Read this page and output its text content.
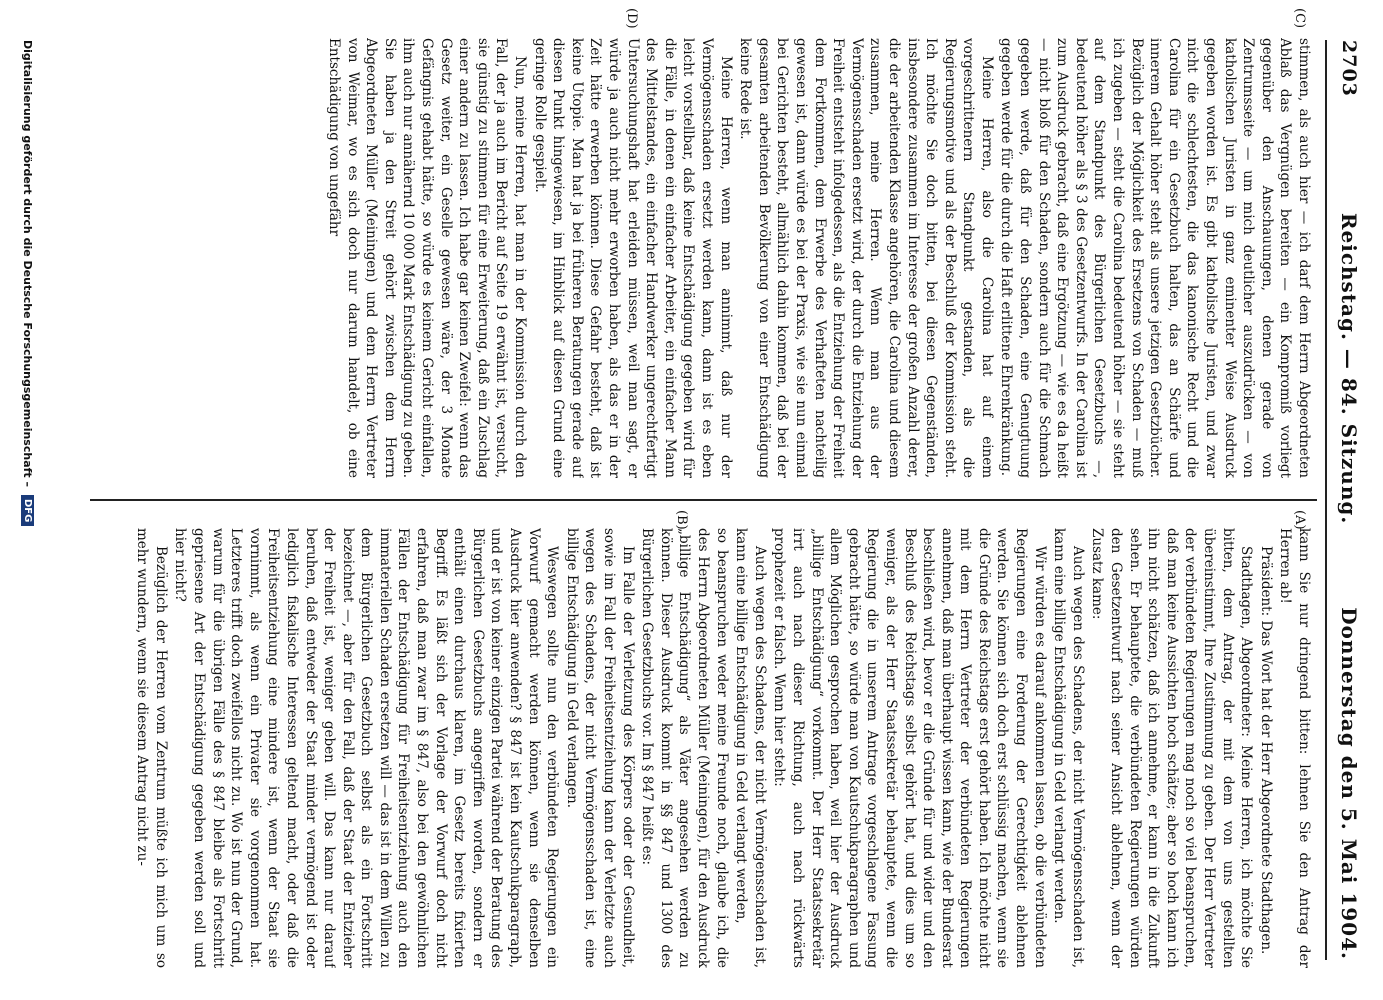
2703
Reichstag. — 84. Sitzung.
Donnerstag den 5. Mai 1904.
(C)
(D)
(A)
(B)

stimmen, als auch hier — ich darf dem Herrn Abgeordneten Ablaß das Vergnügen bereiten — ein Kompromiß vorliegt gegenüber den Anschauungen, denen gerade von Zentrumsseite — um mich deutlicher auszudrücken — von katholischen Juristen in ganz eminenter Weise Ausdruck gegeben worden ist. Es gibt katholische Juristen, und zwar nicht die schlechtesten, die das kanonische Recht und die Carolina für ein Gesetzbuch halten, das an Schärfe und innerem Gehalt höher steht als unsere jetzigen Gesetzbücher. Bezüglich der Möglichkeit des Ersetzens von Schaden — muß ich zugeben — steht die Carolina bedeutend höher — sie steht auf dem Standpunkt des Bürgerlichen Gesetzbuchs —, bedeutend höher als § 3 des Gesetzentwurfs. In der Carolina ist zum Ausdruck gebracht, daß eine Ergötzung — wie es da heißt — nicht bloß für den Schaden, sondern auch für die Schmach gegeben werde, daß für den Schaden, eine Genugtuung gegeben werde für die durch die Haft erlittene Ehrenkränkung.

Meine Herren, also die Carolina hat auf einem vorgeschrittenern Standpunkt gestanden, als die Regierungsmotive und als der Beschluß der Kommission steht. Ich möchte Sie doch bitten, bei diesen Gegenständen, insbesondere zusammen im Interesse der großen Anzahl derer, die der arbeitenden Klasse angehören, die Carolina und diesem zusammen, meine Herren. Wenn man aus der Vermögensschaden ersetzt wird, der durch die Entziehung der Freiheit entsteht infolgedessen, als die Entziehung der Freiheit dem Fortkommen, dem Erwerbe des Verhafteten nachteilig gewesen ist, dann würde es bei der Praxis, wie sie nun einmal bei Gerichten besteht, allmählich dahin kommen, daß bei der gesamten arbeitenden Bevölkerung von einer Entschädigung keine Rede ist.

Meine Herren, wenn man annimmt, daß nur der Vermögensschaden ersetzt werden kann, dann ist es eben leicht vorstellbar, daß keine Entschädigung gegeben wird für die Fälle, in denen ein einfacher Arbeiter, ein einfacher Mann des Mittelstandes, ein einfacher Handwerker ungerechtfertigt Untersuchungshaft hat erleiden müssen, weil man sagt, er würde ja auch nicht mehr erworben haben, als das er in der Zeit hätte erwerben können. Diese Gefahr besteht, daß ist keine Utopie. Man hat ja bei früheren Beratungen gerade auf diesen Punkt hingewiesen, im Hinblick auf diesen Grund eine geringe Rolle gespielt.

Nun, meine Herren, hat man in der Kommission durch den Fall, der ja auch im Bericht auf Seite 19 erwähnt ist, versucht, sie günstig zu stimmen für eine Erweiterung, daß ein Zuschlag einer andern zu lassen. Ich habe gar keinen Zweifel: wenn das Gesetz weiter, ein Geselle gewesen wäre, der 3 Monate Gefängnis gehabt hätte, so würde es keinem Gericht einfallen, ihm auch nur annähernd 10 000 Mark Entschädigung zu geben. Sie haben ja den Streit gehört zwischen dem Herrn Abgeordneten Müller (Meiningen) und dem Herrn Vertreter von Weimar, wo es sich doch nur darum handelt, ob eine Entschädigung von ungefähr

kann Sie nur dringend bitten: lehnen Sie den Antrag der Herren ab!

Präsident: Das Wort hat der Herr Abgeordnete Stadthagen.

Stadthagen, Abgeordneter: Meine Herren, ich möchte Sie bitten, dem Antrag, der mit dem von uns gestellten übereinstimmt, Ihre Zustimmung zu geben. Der Herr Vertreter der verbündeten Regierungen mag noch so viel beanspruchen, daß man keine Aussichten hoch schätze; aber so hoch kann ich ihn nicht schätzen, daß ich annehme, er kann in die Zukunft sehen. Er behauptete, die verbündeten Regierungen würden den Gesetzentwurf nach seiner Ansicht ablehnen, wenn der Zusatz kame:

Auch wegen des Schadens, der nicht Vermögensschaden ist, kann eine billige Entschädigung in Geld verlangt werden.

Wir würden es darauf ankommen lassen, ob die verbündeten Regierungen eine Forderung der Gerechtigkeit ablehnen werden. Sie können sich doch erst schlüssig machen, wenn sie die Gründe des Reichstags erst gehört haben. Ich möchte nicht mit dem Herrn Vertreter der verbündeten Regierungen annehmen, daß man überhaupt wissen kann, wie der Bundesrat beschließen wird, bevor er die Gründe für und wider und den Beschluß des Reichstags selbst gehört hat, und dies um so weniger, als der Herr Staatssekretär behauptete, wenn die Regierung die in unserem Antrage vorgeschlagene Fassung gebracht hätte, so würde man von Kautschukparagraphen und allem Möglichen gesprochen haben, weil hier der Ausdruck „billige Entschädigung“ vorkommt. Der Herr Staatssekretär irrt auch nach dieser Richtung, auch nach rückwärts prophezeit er falsch. Wenn hier steht:

Auch wegen des Schadens, der nicht Vermögensschaden ist, kann eine billige Entschädigung in Geld verlangt werden,

so beanspruchen weder meine Freunde noch, glaube ich, die des Herrn Abgeordneten Müller (Meiningen), für den Ausdruck „billige Entschädigung“ als Väter angesehen werden zu können. Dieser Ausdruck kommt in §§ 847 und 1300 des Bürgerlichen Gesetzbuchs vor. Im § 847 heißt es:

Im Falle der Verletzung des Körpers oder der Gesundheit, sowie im Fall der Freiheitsentziehung kann der Verletzte auch wegen des Schadens, der nicht Vermögensschaden ist, eine billige Entschädigung in Geld verlangen.

Weswegen sollte nun den verbündeten Regierungen ein Vorwurf gemacht werden können, wenn sie denselben Ausdruck hier anwenden? § 847 ist kein Kautschukparagraph, und er ist von keiner einzigen Partei während der Beratung des Bürgerlichen Gesetzbuchs angegriffen worden, sondern er enthält einen durchaus klaren, im Gesetz bereits fixierten Begriff. Es läßt sich der Vorlage der Vorwurf doch nicht erfahren, daß man zwar im § 847, also bei den gewöhnlichen Fällen der Entschädigung für Freiheitsentziehung auch den immateriellen Schaden ersetzen will — das ist in dem Willen zu dem Bürgerlichen Gesetzbuch selbst als ein Fortschritt bezeichnet —, aber für den Fall, daß der Staat der Entzieher der Freiheit ist, weniger geben will. Das kann nur darauf beruhen, daß entweder der Staat minder vermögend ist oder lediglich fiskalische Interessen geltend macht, oder daß die Freiheitsentziehung eine mindere ist, wenn der Staat sie vornimmt, als wenn ein Privater sie vorgenommen hat. Letzteres trifft doch zweifellos nicht zu. Wo ist nun der Grund, warum für die übrigen Fälle des § 847 bleibe als Fortschritt gepriesene Art der Entschädigung gegeben werden soll und hier nicht?

Bezüglich der Herren vom Zentrum müßte ich mich um so mehr wundern, wenn sie diesem Antrag nicht zu-

Digitalisierung gefördert durch die Deutsche Forschungsgemeinschaft –
DFG
